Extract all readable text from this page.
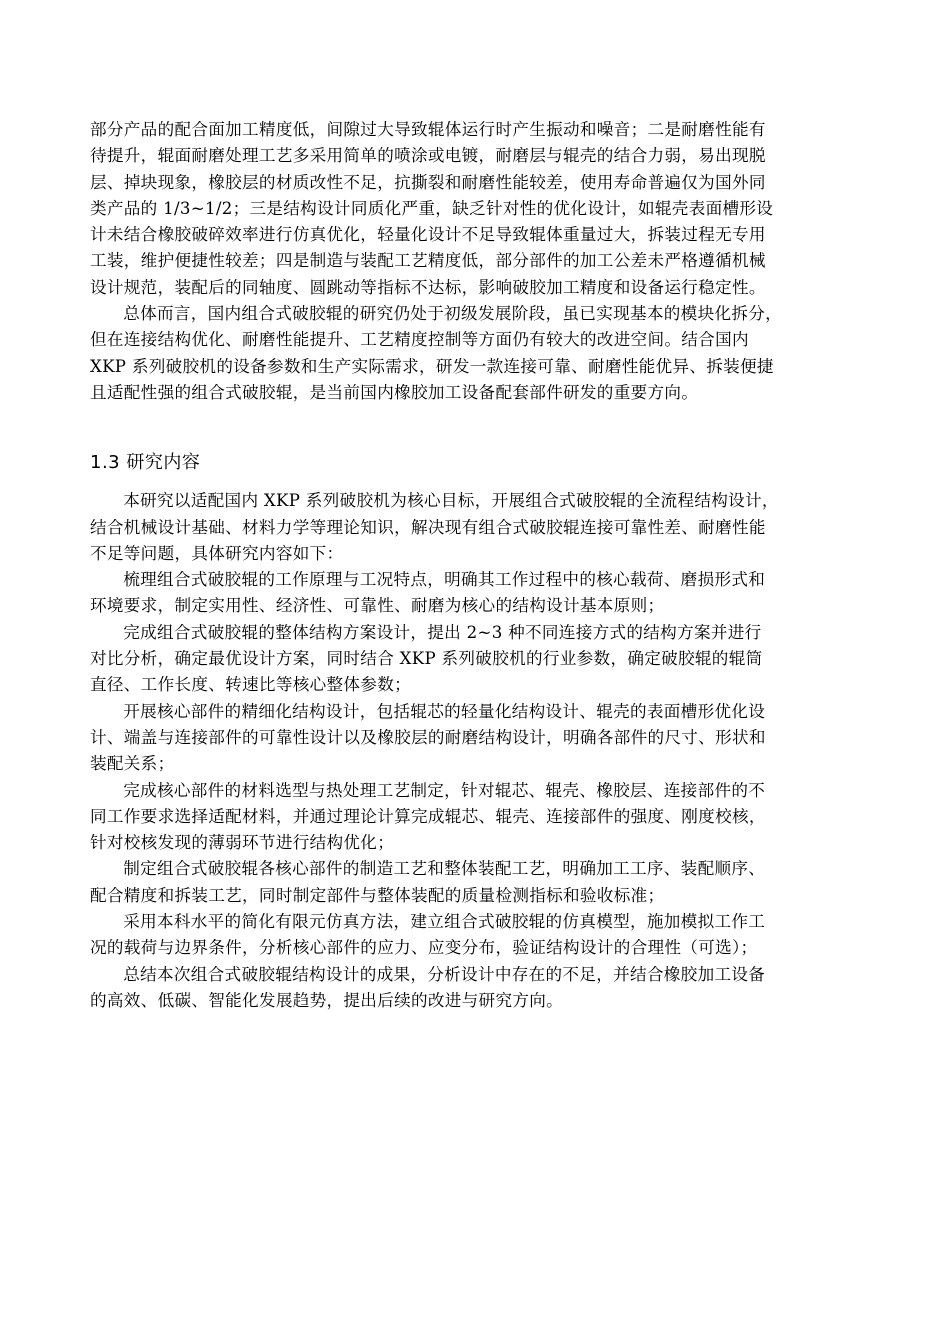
部分产品的配合面加工精度低，间隙过大导致辊体运行时产生振动和噪音；二是耐磨性能有
待提升，辊面耐磨处理工艺多采用简单的喷涂或电镀，耐磨层与辊壳的结合力弱，易出现脱
层、掉块现象，橡胶层的材质改性不足，抗撕裂和耐磨性能较差，使用寿命普遍仅为国外同
类产品的 1/3~1/2；三是结构设计同质化严重，缺乏针对性的优化设计，如辊壳表面槽形设
计未结合橡胶破碎效率进行仿真优化，轻量化设计不足导致辊体重量过大，拆装过程无专用
工装，维护便捷性较差；四是制造与装配工艺精度低，部分部件的加工公差未严格遵循机械
设计规范，装配后的同轴度、圆跳动等指标不达标，影响破胶加工精度和设备运行稳定性。

总体而言，国内组合式破胶辊的研究仍处于初级发展阶段，虽已实现基本的模块化拆分，
但在连接结构优化、耐磨性能提升、工艺精度控制等方面仍有较大的改进空间。结合国内
XKP 系列破胶机的设备参数和生产实际需求，研发一款连接可靠、耐磨性能优异、拆装便捷
且适配性强的组合式破胶辊，是当前国内橡胶加工设备配套部件研发的重要方向。

1.3 研究内容

本研究以适配国内 XKP 系列破胶机为核心目标，开展组合式破胶辊的全流程结构设计，
结合机械设计基础、材料力学等理论知识，解决现有组合式破胶辊连接可靠性差、耐磨性能
不足等问题，具体研究内容如下：

梳理组合式破胶辊的工作原理与工况特点，明确其工作过程中的核心载荷、磨损形式和
环境要求，制定实用性、经济性、可靠性、耐磨为核心的结构设计基本原则；

完成组合式破胶辊的整体结构方案设计，提出 2~3 种不同连接方式的结构方案并进行
对比分析，确定最优设计方案，同时结合 XKP 系列破胶机的行业参数，确定破胶辊的辊筒
直径、工作长度、转速比等核心整体参数；

开展核心部件的精细化结构设计，包括辊芯的轻量化结构设计、辊壳的表面槽形优化设
计、端盖与连接部件的可靠性设计以及橡胶层的耐磨结构设计，明确各部件的尺寸、形状和
装配关系；

完成核心部件的材料选型与热处理工艺制定，针对辊芯、辊壳、橡胶层、连接部件的不
同工作要求选择适配材料，并通过理论计算完成辊芯、辊壳、连接部件的强度、刚度校核，
针对校核发现的薄弱环节进行结构优化；

制定组合式破胶辊各核心部件的制造工艺和整体装配工艺，明确加工工序、装配顺序、
配合精度和拆装工艺，同时制定部件与整体装配的质量检测指标和验收标准；

采用本科水平的简化有限元仿真方法，建立组合式破胶辊的仿真模型，施加模拟工作工
况的载荷与边界条件，分析核心部件的应力、应变分布，验证结构设计的合理性（可选）；

总结本次组合式破胶辊结构设计的成果，分析设计中存在的不足，并结合橡胶加工设备
的高效、低碳、智能化发展趋势，提出后续的改进与研究方向。
